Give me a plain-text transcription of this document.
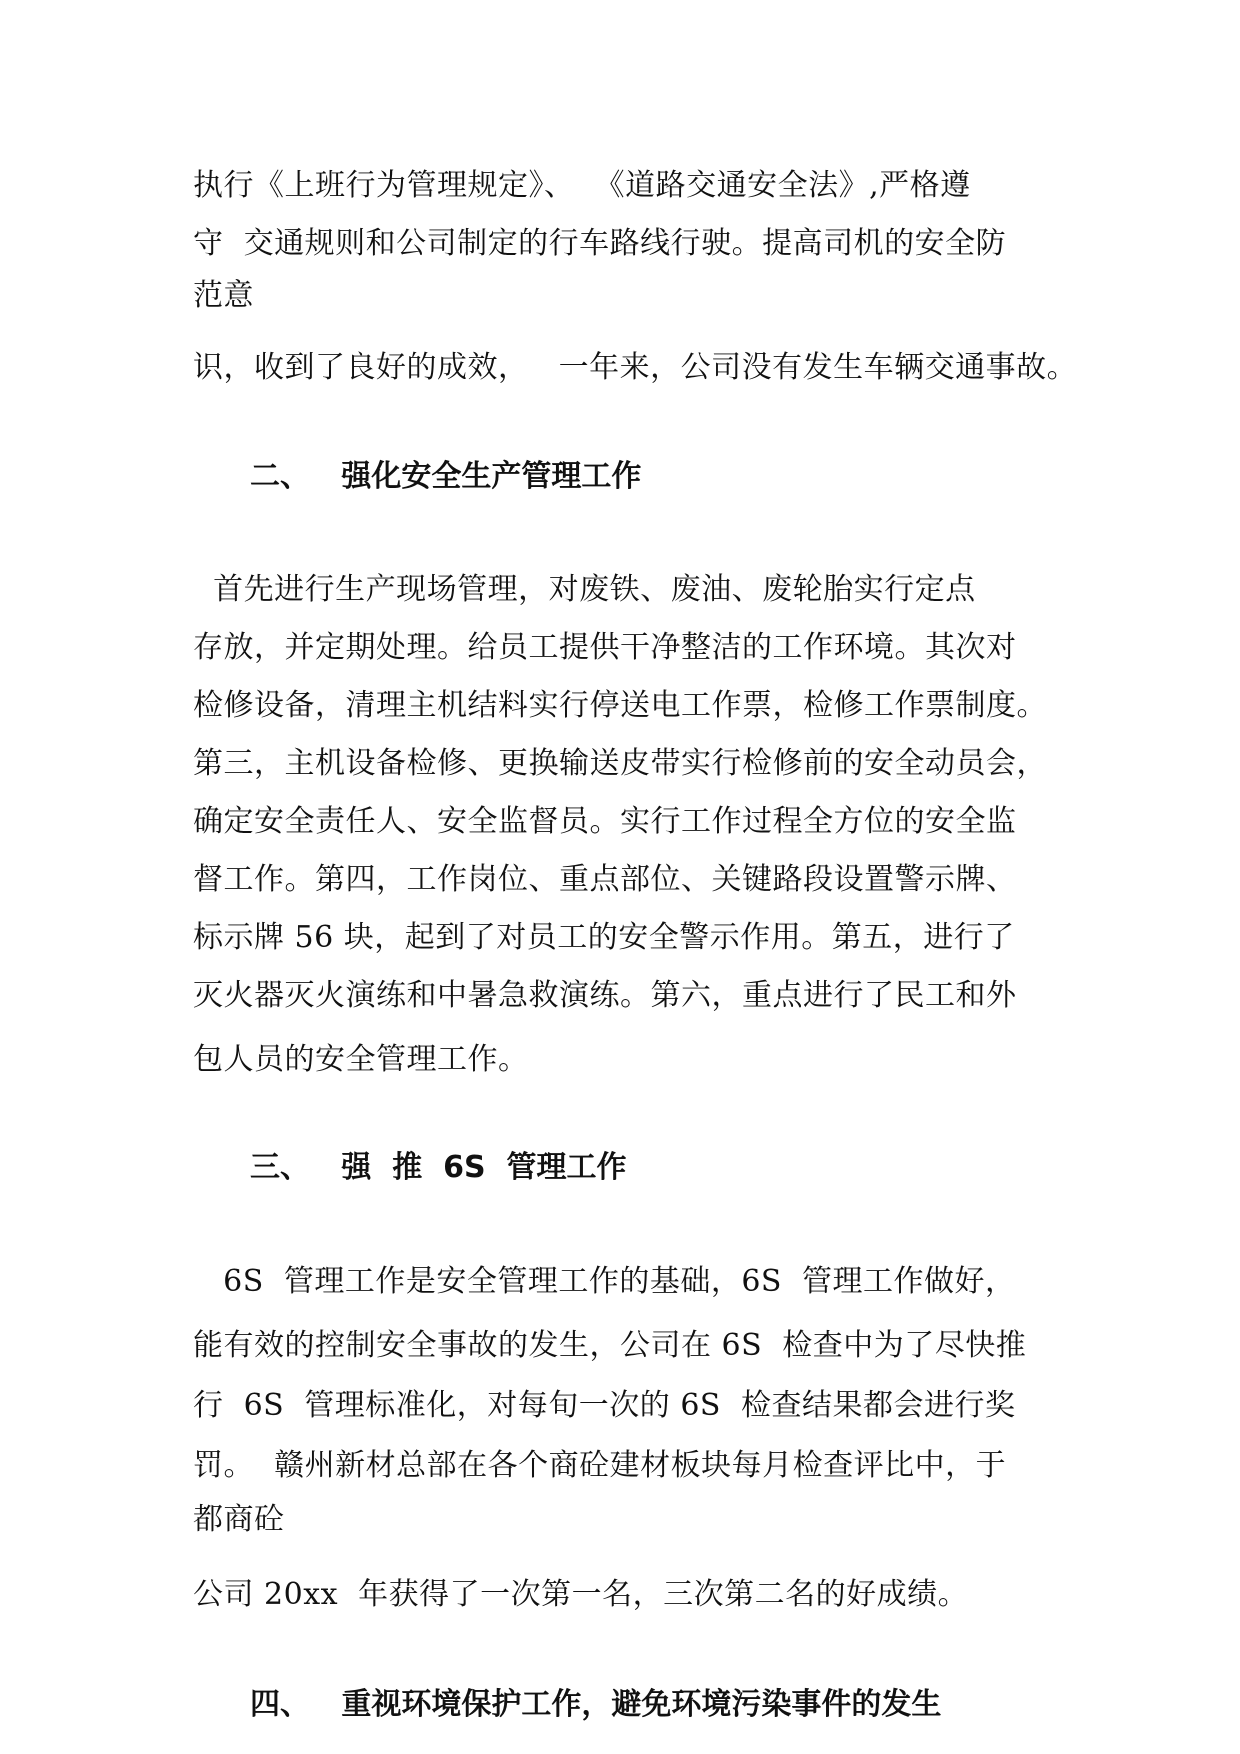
执行《上班行为管理规定》、  《道路交通安全法》,严格遵
守  交通规则和公司制定的行车路线行驶。提高司机的安全防
范意
识，收到了良好的成效，   一年来，公司没有发生车辆交通事故。
二、   强化安全生产管理工作
首先进行生产现场管理，对废铁、废油、废轮胎实行定点
存放，并定期处理。给员工提供干净整洁的工作环境。其次对
检修设备，清理主机结料实行停送电工作票，检修工作票制度。
第三，主机设备检修、更换输送皮带实行检修前的安全动员会，
确定安全责任人、安全监督员。实行工作过程全方位的安全监
督工作。第四，工作岗位、重点部位、关键路段设置警示牌、
标示牌 56 块，起到了对员工的安全警示作用。第五，进行了
灭火器灭火演练和中暑急救演练。第六，重点进行了民工和外
包人员的安全管理工作。
三、   强  推  6S  管理工作
6S  管理工作是安全管理工作的基础，6S  管理工作做好，
能有效的控制安全事故的发生，公司在 6S  检查中为了尽快推
行  6S  管理标准化，对每旬一次的 6S  检查结果都会进行奖
罚。  赣州新材总部在各个商砼建材板块每月检查评比中，于
都商砼
公司 20xx  年获得了一次第一名，三次第二名的好成绩。
四、   重视环境保护工作，避免环境污染事件的发生
